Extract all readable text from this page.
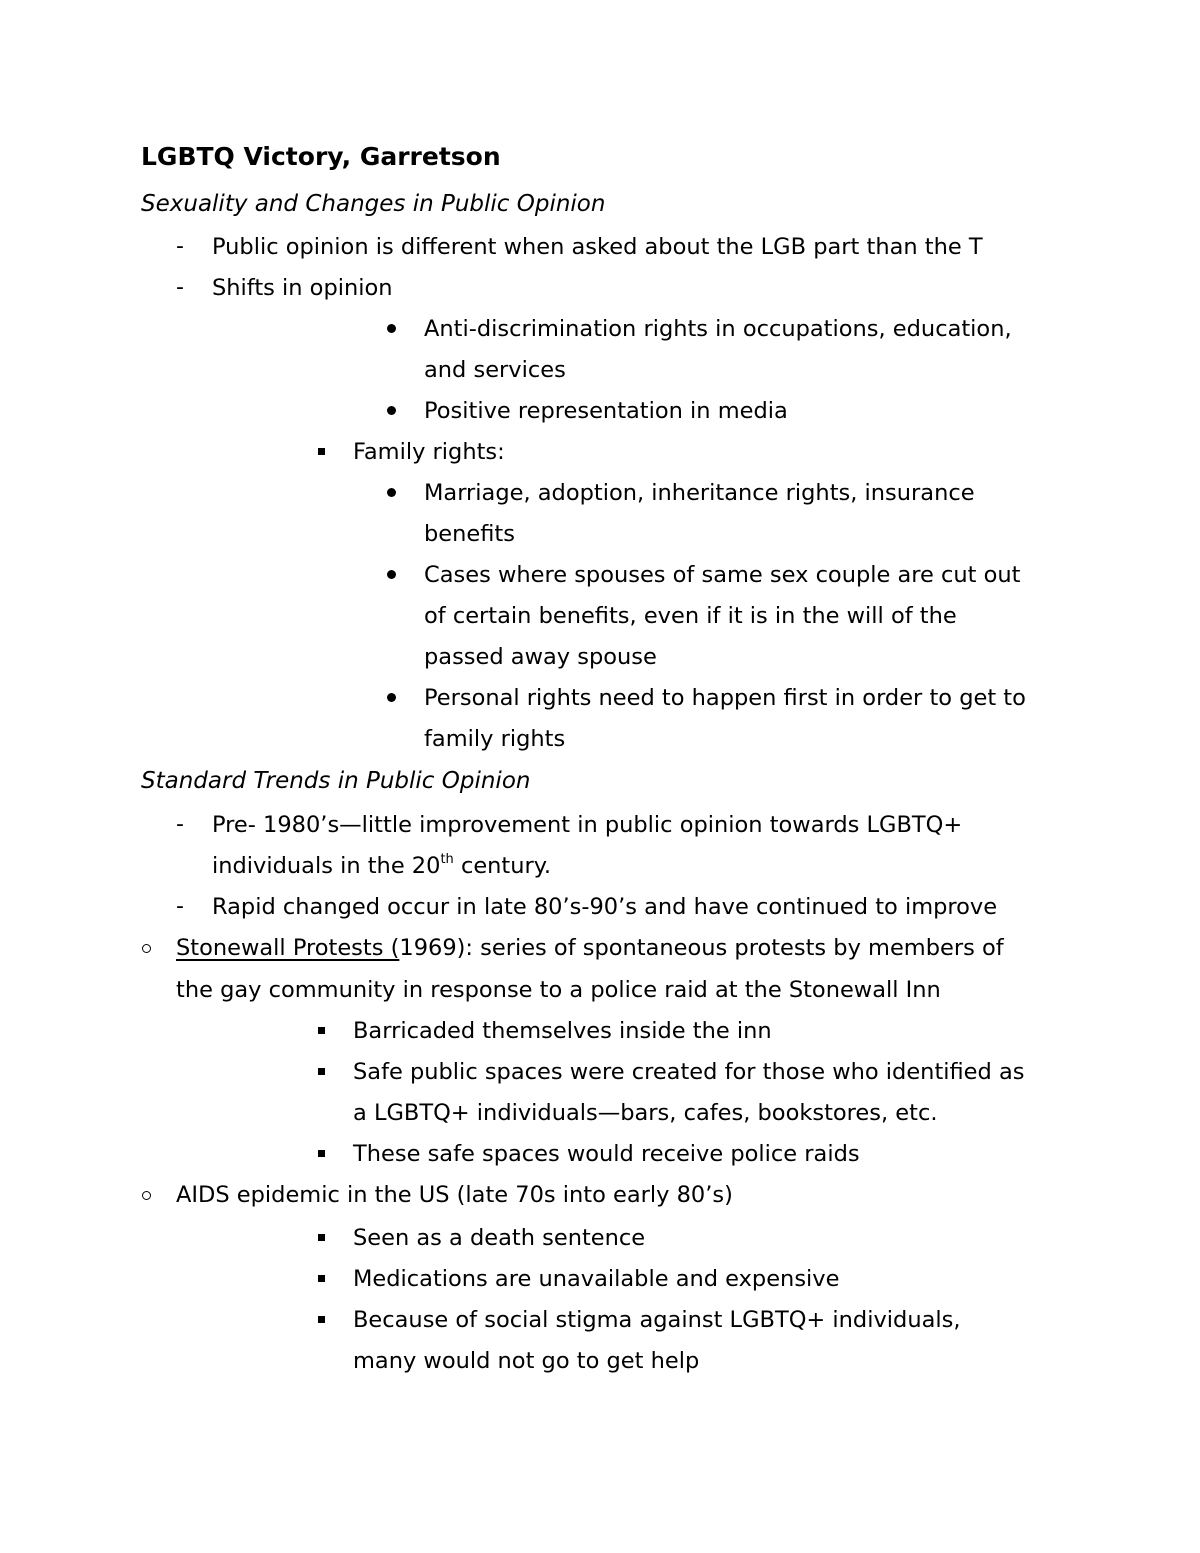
LGBTQ Victory, Garretson
Sexuality and Changes in Public Opinion
- Public opinion is different when asked about the LGB part than the T
- Shifts in opinion
Anti-discrimination rights in occupations, education,
and services
Positive representation in media
Family rights:
Marriage, adoption, inheritance rights, insurance
benefits
Cases where spouses of same sex couple are cut out
of certain benefits, even if it is in the will of the
passed away spouse
Personal rights need to happen first in order to get to
family rights
Standard Trends in Public Opinion
- Pre- 1980’s—little improvement in public opinion towards LGBTQ+
individuals in the 20th century.
- Rapid changed occur in late 80’s-90’s and have continued to improve
Stonewall Protests (1969): series of spontaneous protests by members of
the gay community in response to a police raid at the Stonewall Inn
Barricaded themselves inside the inn
Safe public spaces were created for those who identified as
a LGBTQ+ individuals—bars, cafes, bookstores, etc.
These safe spaces would receive police raids
AIDS epidemic in the US (late 70s into early 80’s)
Seen as a death sentence
Medications are unavailable and expensive
Because of social stigma against LGBTQ+ individuals,
many would not go to get help
